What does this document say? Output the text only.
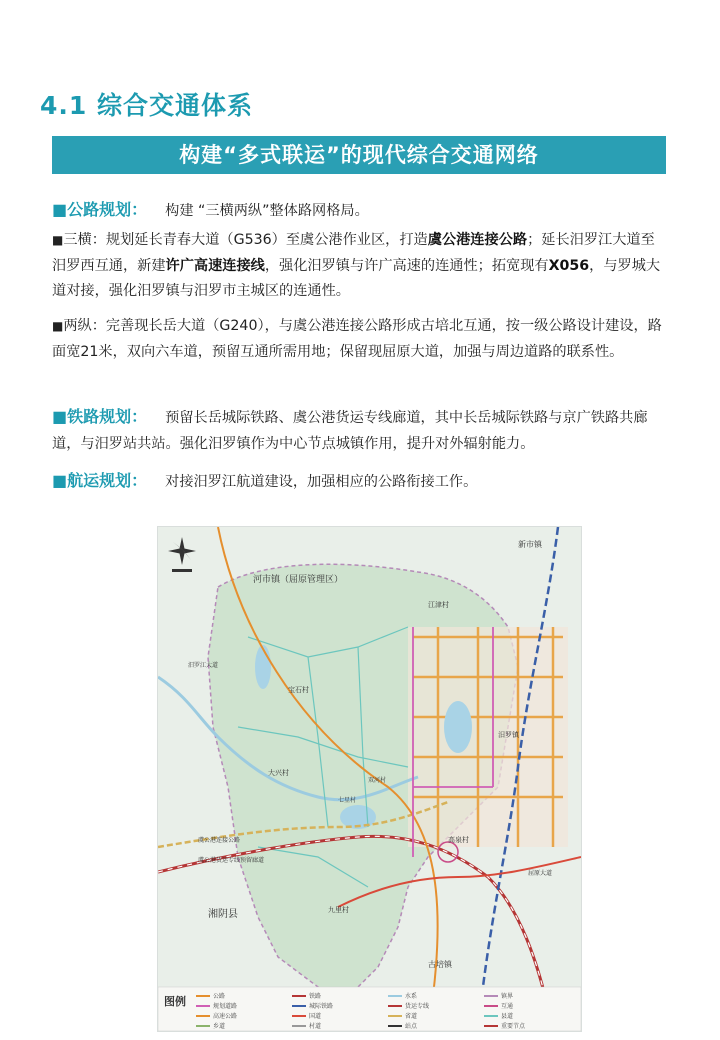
4.1 综合交通体系
构建“多式联运”的现代综合交通网络

■公路规划： 构建 “三横两纵”整体路网格局。

■三横：规划延长青春大道（G536）至虞公港作业区，打造虞公港连接公路；延长汨罗江大道至汨罗西互通，新建许广高速连接线，强化汨罗镇与许广高速的连通性；拓宽现有X056，与罗城大道对接，强化汨罗镇与汨罗市主城区的连通性。

■两纵：完善现长岳大道（G240），与虞公港连接公路形成古培北互通，按一级公路设计建设，路面宽21米，双向六车道，预留互通所需用地；保留现屈原大道，加强与周边道路的联系性。

■铁路规划： 预留长岳城际铁路、虞公港货运专线廊道，其中长岳城际铁路与京广铁路共廊道，与汨罗站共站。强化汨罗镇作为中心节点城镇作用，提升对外辐射能力。

■航运规划： 对接汨罗江航道建设，加强相应的公路衔接工作。

河市镇（屈原管理区）
湘阴县
古培镇
新市镇
江津村
宝石村
大兴村
九里村
汨罗镇
高泉村
虞公港连接公路
虞公港货运专线预留廊道
屈原大道
汨罗江大道
七星村
双河村
图例	公路	铁路	水系	镇界
规划道路	城际铁路	货运专线	互通
高速公路	国道	省道	县道
乡道	村道	站点	重要节点
